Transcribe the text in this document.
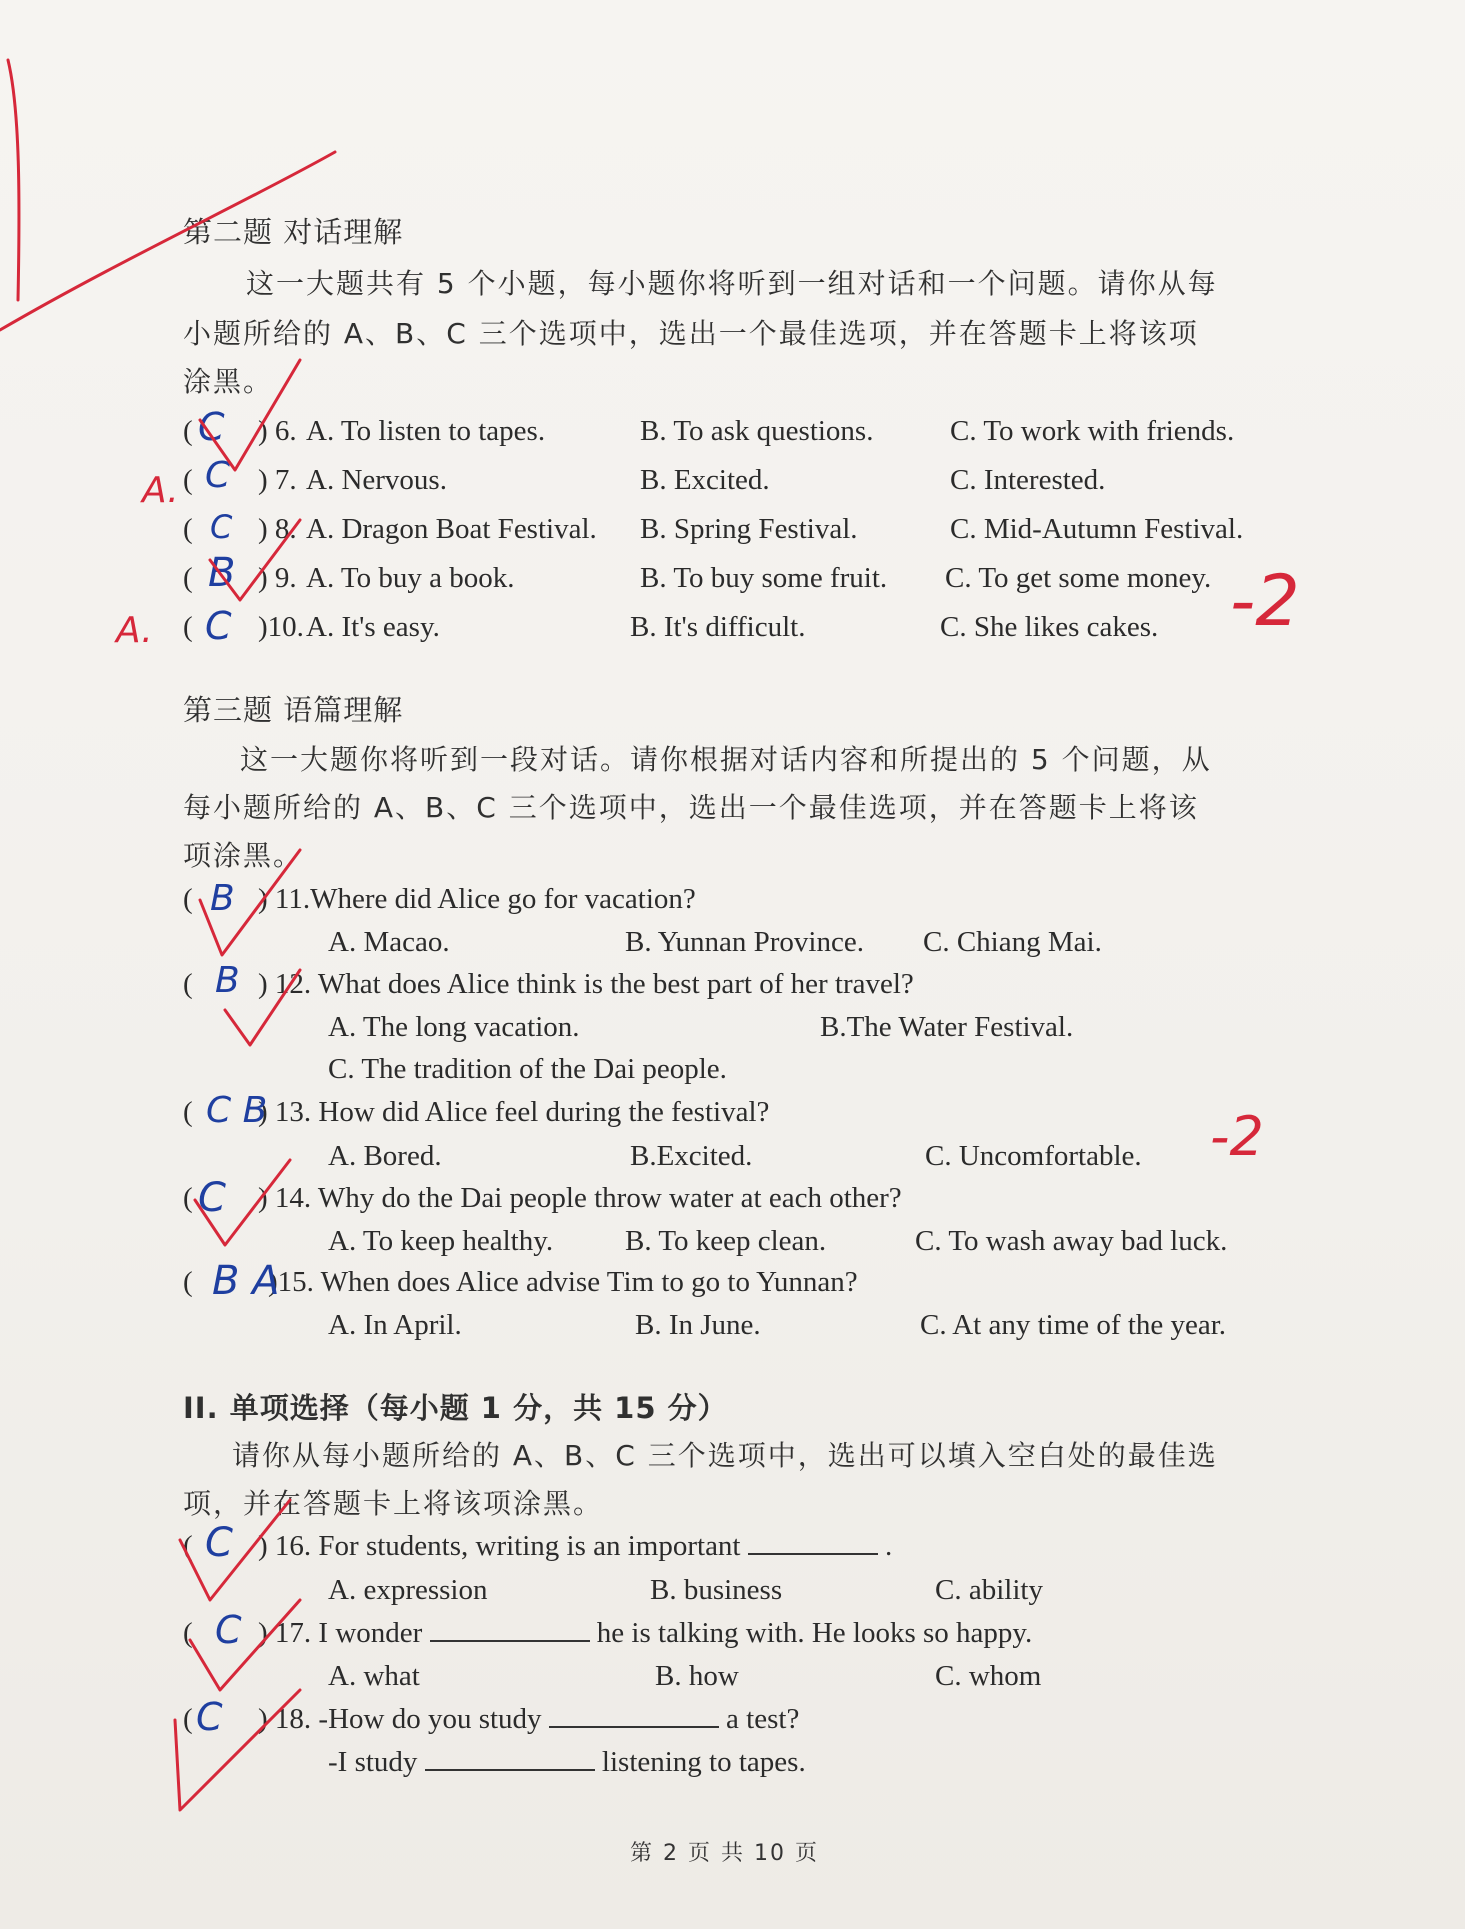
第二题 对话理解
这一大题共有 5 个小题，每小题你将听到一组对话和一个问题。请你从每
小题所给的 A、B、C 三个选项中，选出一个最佳选项，并在答题卡上将该项
涂黑。
(	) 6. A. To listen to tapes.	B. To ask questions.	C. To work with friends.
( ) 7. A. Nervous.	B. Excited.	C. Interested.
( ) 8. A. Dragon Boat Festival. B. Spring Festival.	C. Mid-Autumn Festival.
( ) 9. A. To buy a book.	B. To buy some fruit. C. To get some money.
( )10. A. It's easy.	B. It's difficult.	C. She likes cakes.
第三题 语篇理解
这一大题你将听到一段对话。请你根据对话内容和所提出的 5 个问题，从
每小题所给的 A、B、C 三个选项中，选出一个最佳选项，并在答题卡上将该
项涂黑。
( ) 11.Where did Alice go for vacation?
A. Macao.	B. Yunnan Province. C. Chiang Mai.
( ) 12. What does Alice think is the best part of her travel?
A. The long vacation.	B.The Water Festival.
C. The tradition of the Dai people.
( ) 13. How did Alice feel during the festival?
A. Bored.	B.Excited.	C. Uncomfortable.
( ) 14. Why do the Dai people throw water at each other?
A. To keep healthy. B. To keep clean.	C. To wash away bad luck.
(	)15. When does Alice advise Tim to go to Yunnan?
A. In April.	B. In June.	C. At any time of the year.
II. 单项选择（每小题 1 分，共 15 分）
请你从每小题所给的 A、B、C 三个选项中，选出可以填入空白处的最佳选
项，并在答题卡上将该项涂黑。
( ) 16. For students, writing is an important	.
A. expression	B. business	C. ability
( ) 17. I wonder	he is talking with. He looks so happy.
A. what	B. how	C. whom
( ) 18. -How do you study	a test?
-I study	listening to tapes.
第 2 页 共 10 页
C
C
C
B
C
B
B
C B
C
B A
C
C
C
A.
A.	-2
-2
